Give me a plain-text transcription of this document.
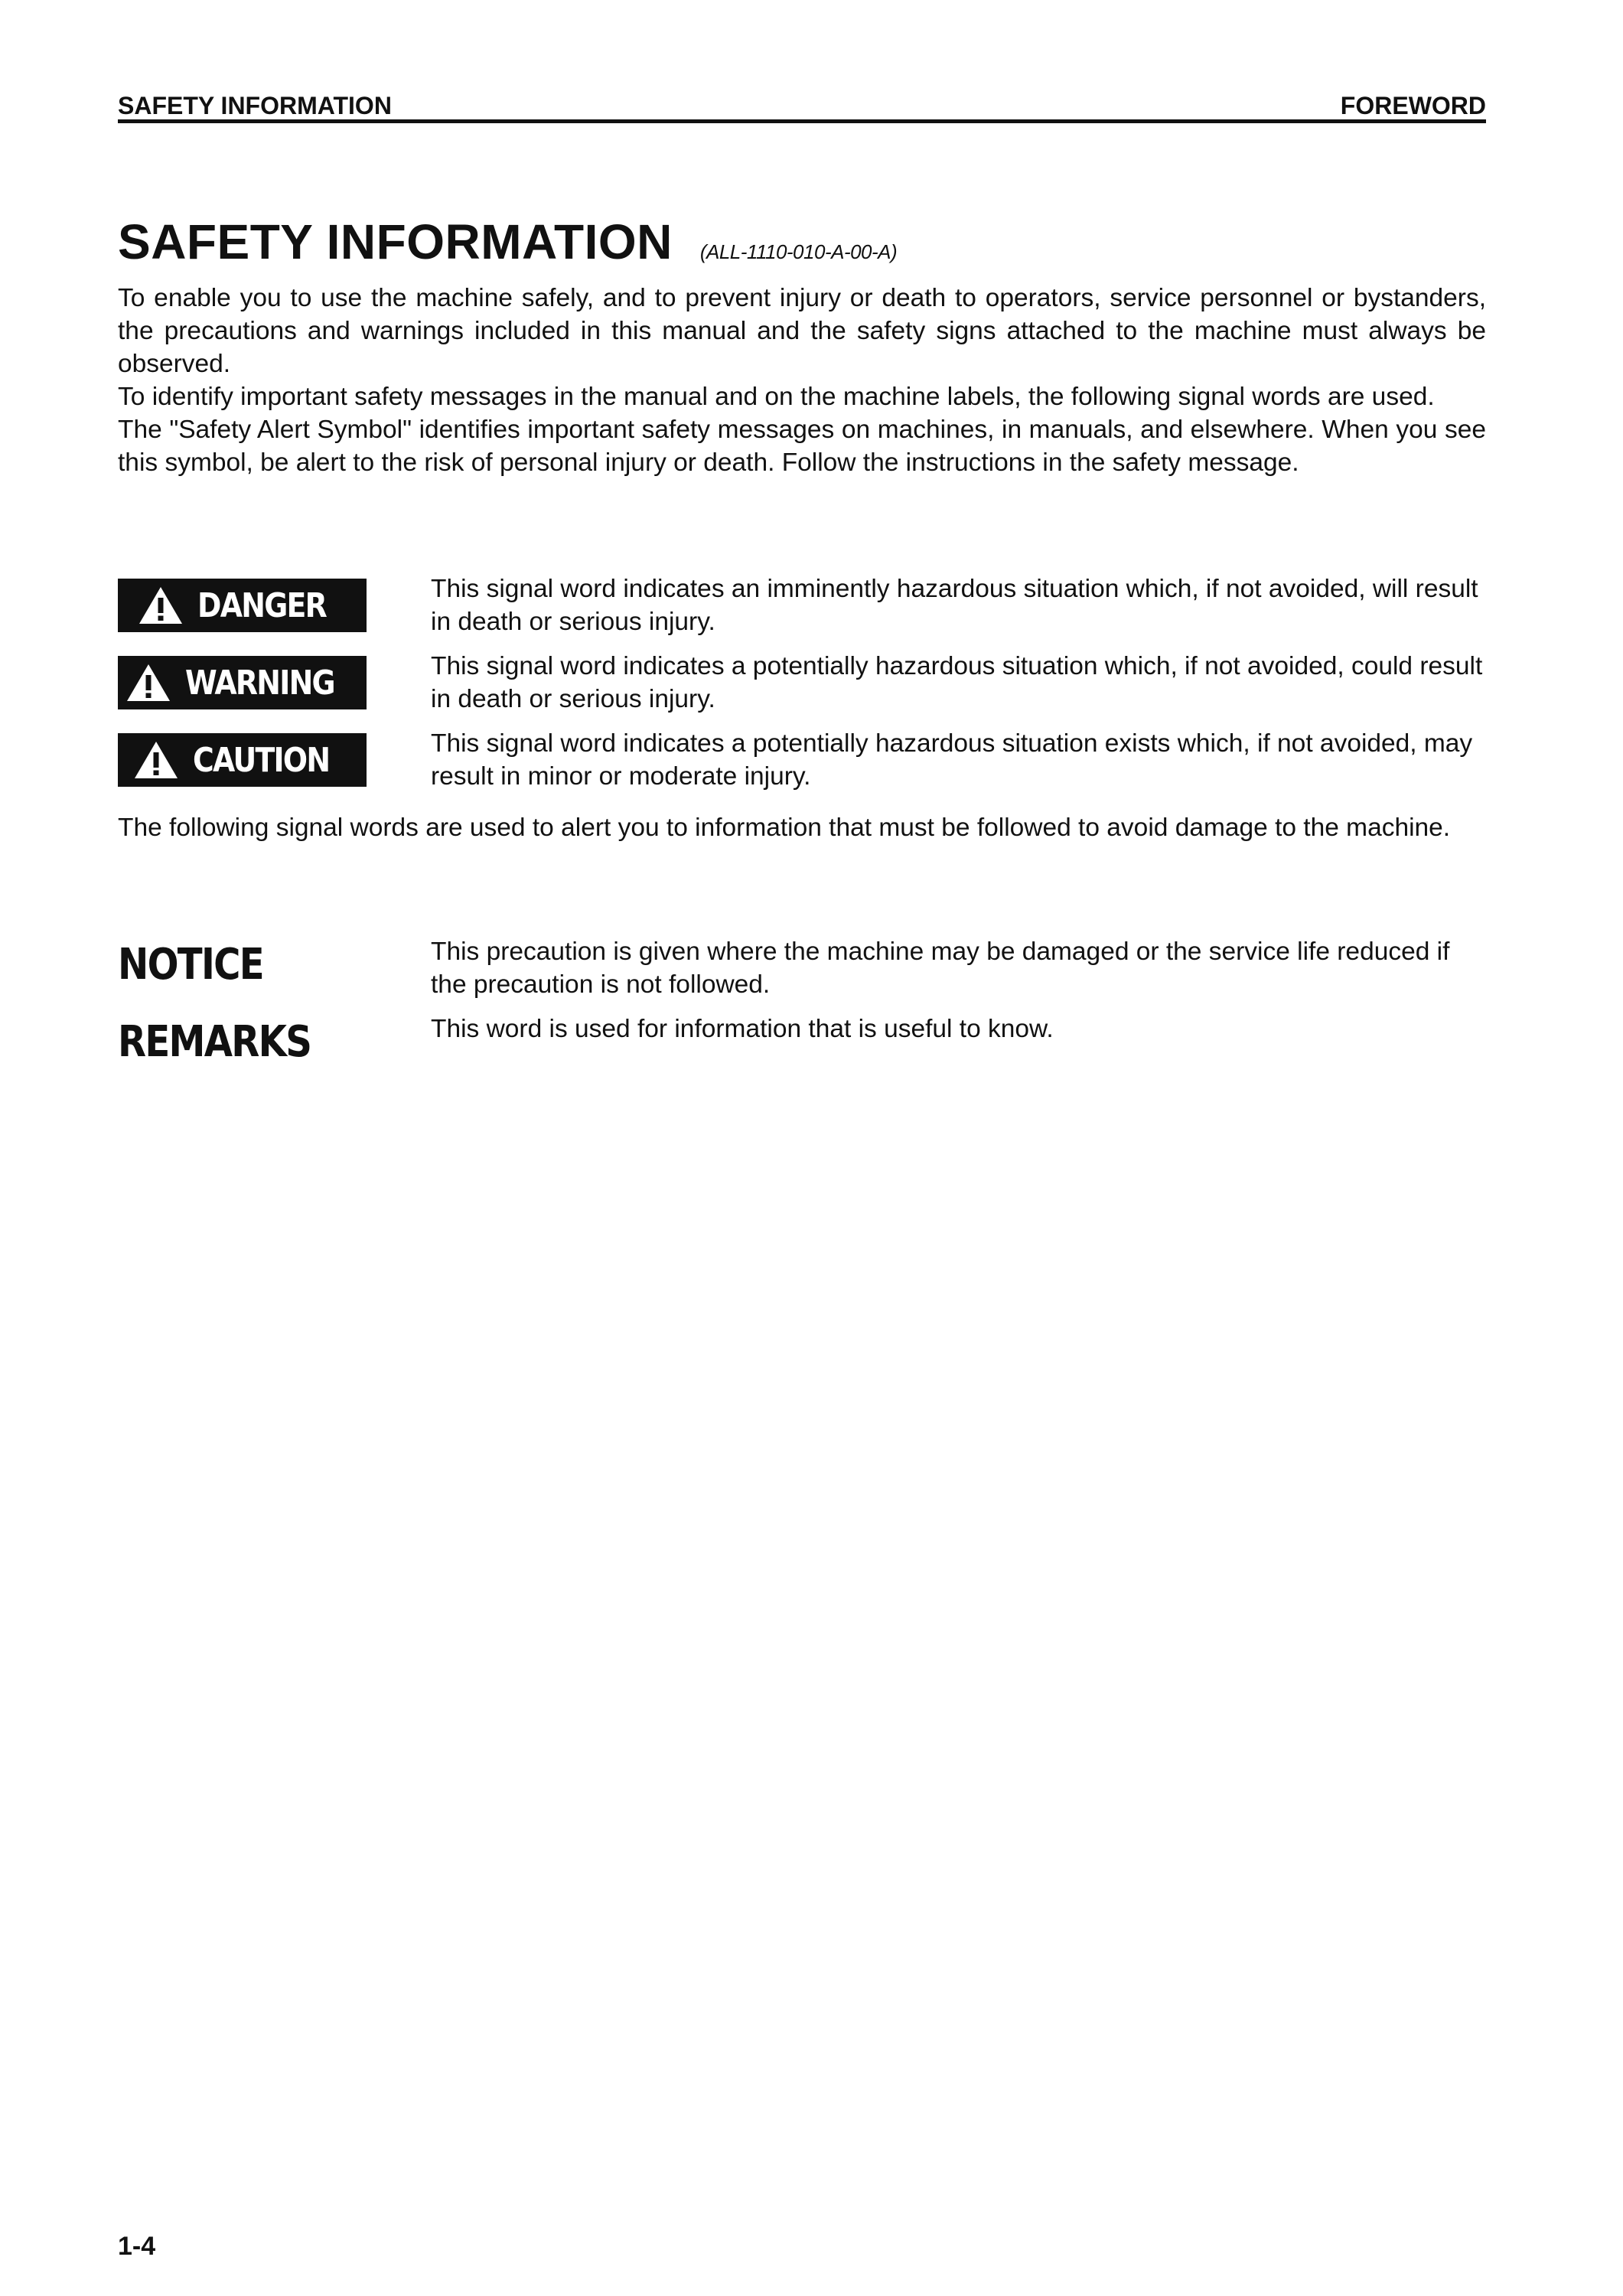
SAFETY INFORMATION	FOREWORD
SAFETY INFORMATION (ALL-1110-010-A-00-A)

To enable you to use the machine safely, and to prevent injury or death to operators, service personnel or bystanders, the precautions and warnings included in this manual and the safety signs attached to the machine must always be observed.

To identify important safety messages in the manual and on the machine labels, the following signal words are used.

The "Safety Alert Symbol" identifies important safety messages on machines, in manuals, and elsewhere. When you see this symbol, be alert to the risk of personal injury or death. Follow the instructions in the safety message.

DANGER	This signal word indicates an imminently hazardous situation which, if not avoided, will result in death or serious injury.
WARNING	This signal word indicates a potentially hazardous situation which, if not avoided, could result in death or serious injury.
CAUTION	This signal word indicates a potentially hazardous situation exists which, if not avoided, may result in minor or moderate injury.

The following signal words are used to alert you to information that must be followed to avoid damage to the machine.

NOTICE	This precaution is given where the machine may be damaged or the service life reduced if the precaution is not followed.
REMARKS	This word is used for information that is useful to know.
1-4
